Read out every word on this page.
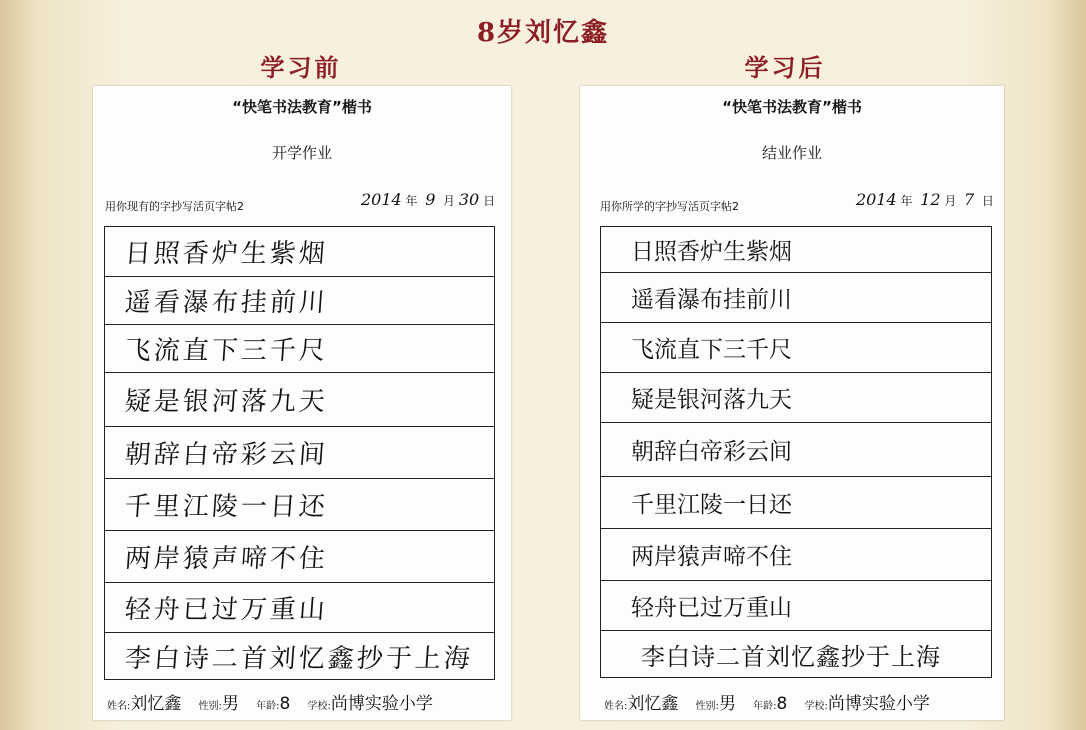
8岁刘忆鑫
学习前	学习后
“快笔书法教育”楷书
开学作业
用你现有的字抄写活页字帖2	2014 年 9 月 30 日
日照香炉生紫烟
遥看瀑布挂前川
飞流直下三千尺
疑是银河落九天
朝辞白帝彩云间
千里江陵一日还
两岸猿声啼不住
轻舟已过万重山
李白诗二首刘忆鑫抄于上海
姓名:刘忆鑫 性别:男 年龄:8 学校:尚博实验小学
“快笔书法教育”楷书
结业作业
用你所学的字抄写活页字帖2	2014 年 12 月 7 日
日照香炉生紫烟
遥看瀑布挂前川
飞流直下三千尺
疑是银河落九天
朝辞白帝彩云间
千里江陵一日还
两岸猿声啼不住
轻舟已过万重山
李白诗二首刘忆鑫抄于上海
姓名:刘忆鑫 性别:男 年龄:8 学校:尚博实验小学
